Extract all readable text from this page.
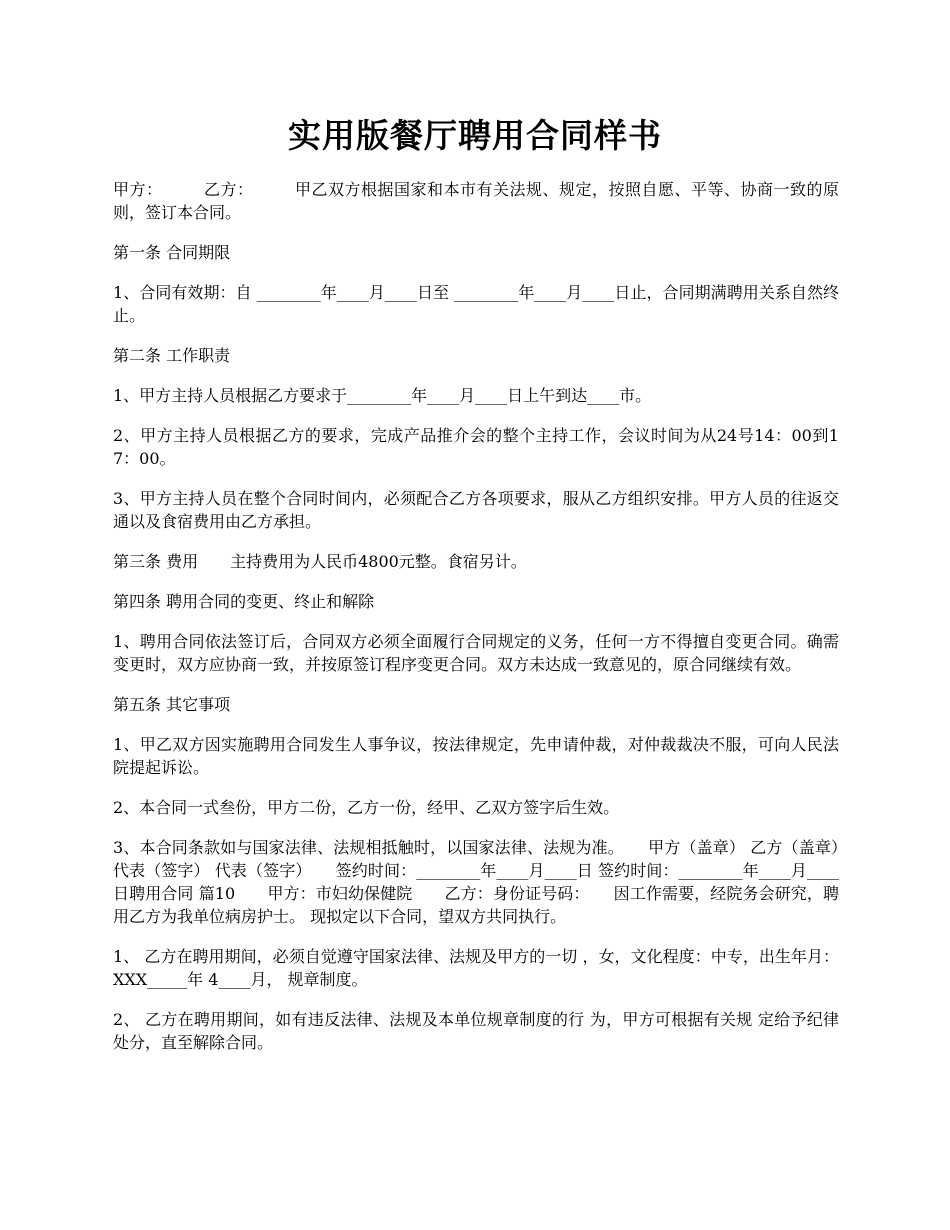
实用版餐厅聘用合同样书

甲方：　　　乙方：　　　甲乙双方根据国家和本市有关法规、规定，按照自愿、平等、协商一致的原则，签订本合同。

第一条 合同期限

1、合同有效期：自 ________年____月____日至 ________年____月____日止，合同期满聘用关系自然终止。

第二条 工作职责

1、甲方主持人员根据乙方要求于________年____月____日上午到达____市。

2、甲方主持人员根据乙方的要求，完成产品推介会的整个主持工作，会议时间为从24号14：00到17：00。

3、甲方主持人员在整个合同时间内，必须配合乙方各项要求，服从乙方组织安排。甲方人员的往返交通以及食宿费用由乙方承担。

第三条 费用　　主持费用为人民币4800元整。食宿另计。

第四条 聘用合同的变更、终止和解除

1、聘用合同依法签订后，合同双方必须全面履行合同规定的义务，任何一方不得擅自变更合同。确需变更时，双方应协商一致，并按原签订程序变更合同。双方未达成一致意见的，原合同继续有效。

第五条 其它事项

1、甲乙双方因实施聘用合同发生人事争议，按法律规定，先申请仲裁，对仲裁裁决不服，可向人民法院提起诉讼。

2、本合同一式叁份，甲方二份，乙方一份，经甲、乙双方签字后生效。

3、本合同条款如与国家法律、法规相抵触时，以国家法律、法规为准。　　甲方（盖章） 乙方（盖章）　　代表（签字） 代表（签字）　　签约时间：________年____月____日 签约时间：________年____月____日聘用合同 篇10　　甲方：市妇幼保健院　　乙方：身份证号码：　　因工作需要，经院务会研究，聘用乙方为我单位病房护士。 现拟定以下合同，望双方共同执行。

1、 乙方在聘用期间，必须自觉遵守国家法律、法规及甲方的一切 ，女，文化程度：中专，出生年月：XXX_____年 4____月， 规章制度。

2、 乙方在聘用期间，如有违反法律、法规及本单位规章制度的行 为，甲方可根据有关规 定给予纪律处分，直至解除合同。
